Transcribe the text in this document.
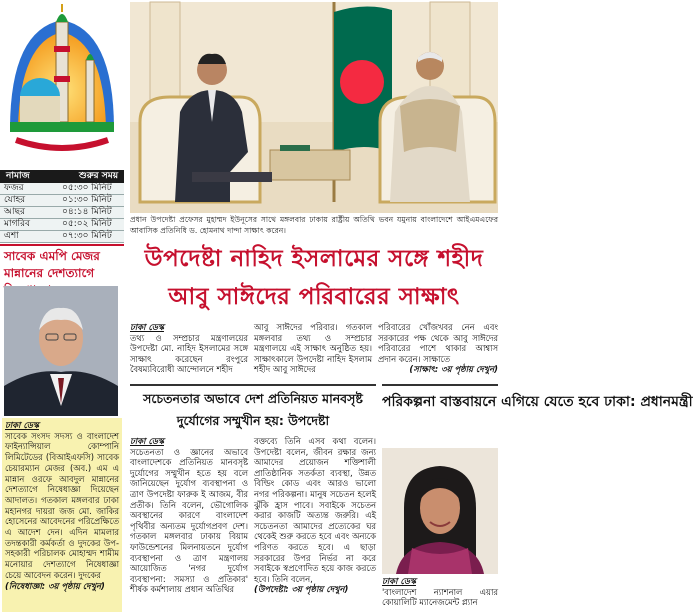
নামাজ	শুরুর সময়
ফজর	০৫:৩০ মিনিট
যোহর	০১:৩০ মিনিট
আছর	০৪:১৪ মিনিট
মাগরিব	০৫:০২ মিনিট
এশা	০৭:৩০ মিনিট
সাবেক এমপি মেজর মান্নানের দেশত্যাগে
ঢাকা ডেস্ক
সাবেক সংসদ সদস্য ও বাংলাদেশ ফাইন্যান্সিয়াল কোম্পানি লিমিটেডের (বিআইএফসি) সাবেক চেয়ারম্যান মেজর (অব.) এম এ মান্নান ওরফে আবদুল মান্নানের দেশত্যাগে নিষেধাজ্ঞা দিয়েছেন আদালত। গতকাল মঙ্গলবার ঢাকা মহানগর দায়রা জজ মো. জাকির হোসেনের আবেদনের পরিপ্রেক্ষিতে এ আদেশ দেন। এদিন মামলার তদন্তকারী কর্মকর্তা ও দুদকের উপ-সহকারী পরিচালক মোহাম্মদ শামীম মনোয়ার দেশত্যাগে নিষেধাজ্ঞা চেয়ে আবেদন করেন। দুদকের
(নিষেধাজ্ঞা: ৩য় পৃষ্ঠায় দেখুন)
প্রধান উপদেষ্টা প্রফেসর মুহাম্মদ ইউনূসের সাথে মঙ্গলবার ঢাকায় রাষ্ট্রীয় অতিথি ভবন যমুনায় বাংলাদেশে আইএমএফের আবাসিক প্রতিনিধি ড. হোমনাথ দান্দা সাক্ষাৎ করেন।
উপদেষ্টা নাহিদ ইসলামের সঙ্গে শহীদ আবু সাঈদের পরিবারের সাক্ষাৎ
ঢাকা ডেস্ক
তথ্য ও সম্প্রচার মন্ত্রণালয়ের উপদেষ্টা মো. নাহিদ ইসলামের সঙ্গে সাক্ষাৎ করেছেন রংপুরে বৈষম্যবিরোধী আন্দোলনে শহীদ
আবু সাঈদের পরিবার। গতকাল মঙ্গলবার তথ্য ও সম্প্রচার মন্ত্রণালয়ে এই সাক্ষাৎ অনুষ্ঠিত হয়। সাক্ষাৎকালে উপদেষ্টা নাহিদ ইসলাম শহীদ আবু সাঈদের
পরিবারের খোঁজখবর নেন এবং সরকারের পক্ষ থেকে আবু সাঈদের পরিবারের পাশে থাকার আশ্বাস প্রদান করেন। সাক্ষাতে
(সাক্ষাৎ: ৩য় পৃষ্ঠায় দেখুন)
সচেতনতার অভাবে দেশ প্রতিনিয়ত মানবসৃষ্ট দুর্যোগের সম্মুখীন হয়: উপদেষ্টা
ঢাকা ডেস্ক
সচেতনতা ও জ্ঞানের অভাবে বাংলাদেশকে প্রতিনিয়ত মানবসৃষ্ট দুর্যোগের সম্মুখীন হতে হয় বলে জানিয়েছেন দুর্যোগ ব্যবস্থাপনা ও ত্রাণ উপদেষ্টা ফারুক ই আজম, বীর প্রতীক। তিনি বলেন, ভৌগোলিক অবস্থানের কারণে বাংলাদেশ পৃথিবীর অন্যতম দুর্যোগপ্রবণ দেশ। গতকাল মঙ্গলবার ঢাকায় বিয়াম ফাউন্ডেশনের মিলনায়তনে দুর্যোগ ব্যবস্থাপনা ও ত্রাণ মন্ত্রণালয় আয়োজিত 'নগর দুর্যোগ ব্যবস্থাপনা: সমস্যা ও প্রতিকার' শীর্ষক কর্মশালায় প্রধান অতিথির
বক্তব্যে তিনি এসব কথা বলেন। উপদেষ্টা বলেন, জীবন রক্ষার জন্য আমাদের প্রয়োজন শক্তিশালী প্রাতিষ্ঠানিক সতর্কতা ব্যবস্থা, উন্নত বিল্ডিং কোড এবং আরও ভালো নগর পরিকল্পনা। মানুষ সচেতন হলেই ঝুঁকি হ্রাস পাবে। সবাইকে সচেতন করার কাজটি অত্যন্ত জরুরি। এই সচেতনতা আমাদের প্রত্যেকের ঘর থেকেই শুরু করতে হবে এবং অন্যকে পরিণত করতে হবে। এ ছাড়া সরকারের উপর নির্ভর না করে সবাইকে স্বপ্রণোদিত হয়ে কাজ করতে হবে। তিনি বলেন,
(উপদেষ্টা: ৩য় পৃষ্ঠায় দেখুন)
পরিকল্পনা বাস্তবায়নে এগিয়ে যেতে হবে ঢাকা: প্রধানমন্ত্রী
ঢাকা ডেস্ক
'বাংলাদেশ ন্যাশনাল এয়ার কোয়ালিটি ম্যানেজমেন্ট প্ল্যান
